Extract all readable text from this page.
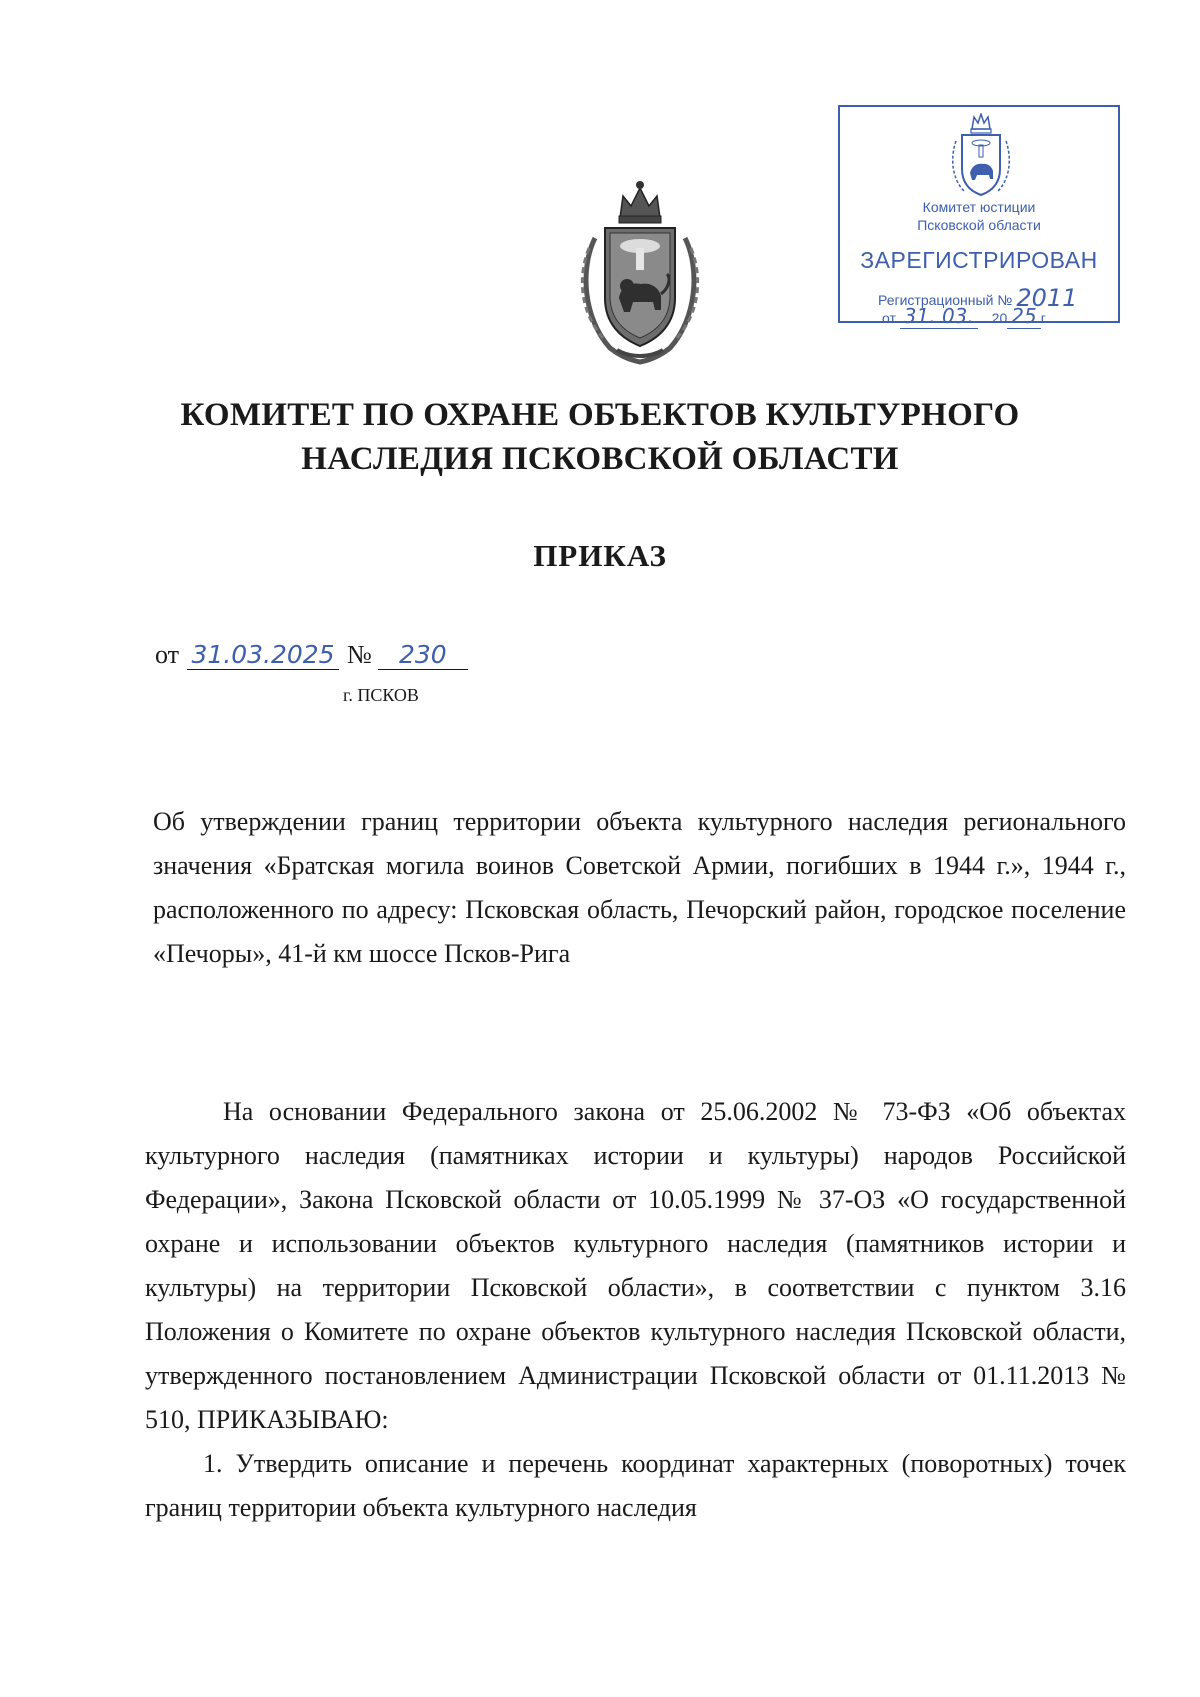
Комитет юстиции
Псковской области
ЗАРЕГИСТРИРОВАН
Регистрационный № 2011
от 31. 03. 20 25 г.
КОМИТЕТ ПО ОХРАНЕ ОБЪЕКТОВ КУЛЬТУРНОГО
НАСЛЕДИЯ ПСКОВСКОЙ ОБЛАСТИ
ПРИКАЗ
от 31.03.2025 № 230
г. ПСКОВ
Об утверждении границ территории объекта культурного наследия регионального значения «Братская могила воинов Советской Армии, погибших в 1944 г.», 1944 г., расположенного по адресу: Псковская область, Печорский район, городское поселение «Печоры», 41-й км шоссе Псков-Рига

На основании Федерального закона от 25.06.2002 № 73-ФЗ «Об объектах культурного наследия (памятниках истории и культуры) народов Российской Федерации», Закона Псковской области от 10.05.1999 № 37-ОЗ «О государственной охране и использовании объектов культурного наследия (памятников истории и культуры) на территории Псковской области», в соответствии с пунктом 3.16 Положения о Комитете по охране объектов культурного наследия Псковской области, утвержденного постановлением Администрации Псковской области от 01.11.2013 № 510, ПРИКАЗЫВАЮ:

1. Утвердить описание и перечень координат характерных (поворотных) точек границ территории объекта культурного наследия
